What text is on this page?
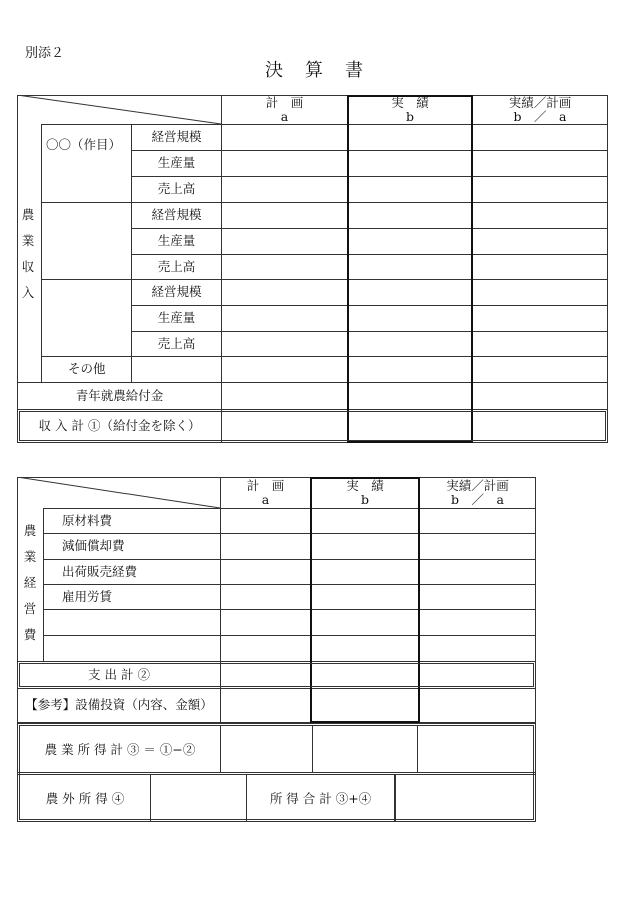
別添２
決　算　書
計　画
a
実　績
b
実績／計画
b　／　a
農
業
収
入
〇〇（作目）
経営規模
生産量
売上高
経営規模
生産量
売上高
経営規模
生産量
売上高
その他
青年就農給付金
収 入 計 ①（給付金を除く）
計　画
a
実　績
b
実績／計画
b　／　a
農
業
経
営
費
原材料費
減価償却費
出荷販売経費
雇用労賃
支 出 計 ②
【参考】設備投資（内容、金額）
農 業 所 得 計 ③ ＝ ①−②
農 外 所 得 ④	所 得 合 計 ③+④
